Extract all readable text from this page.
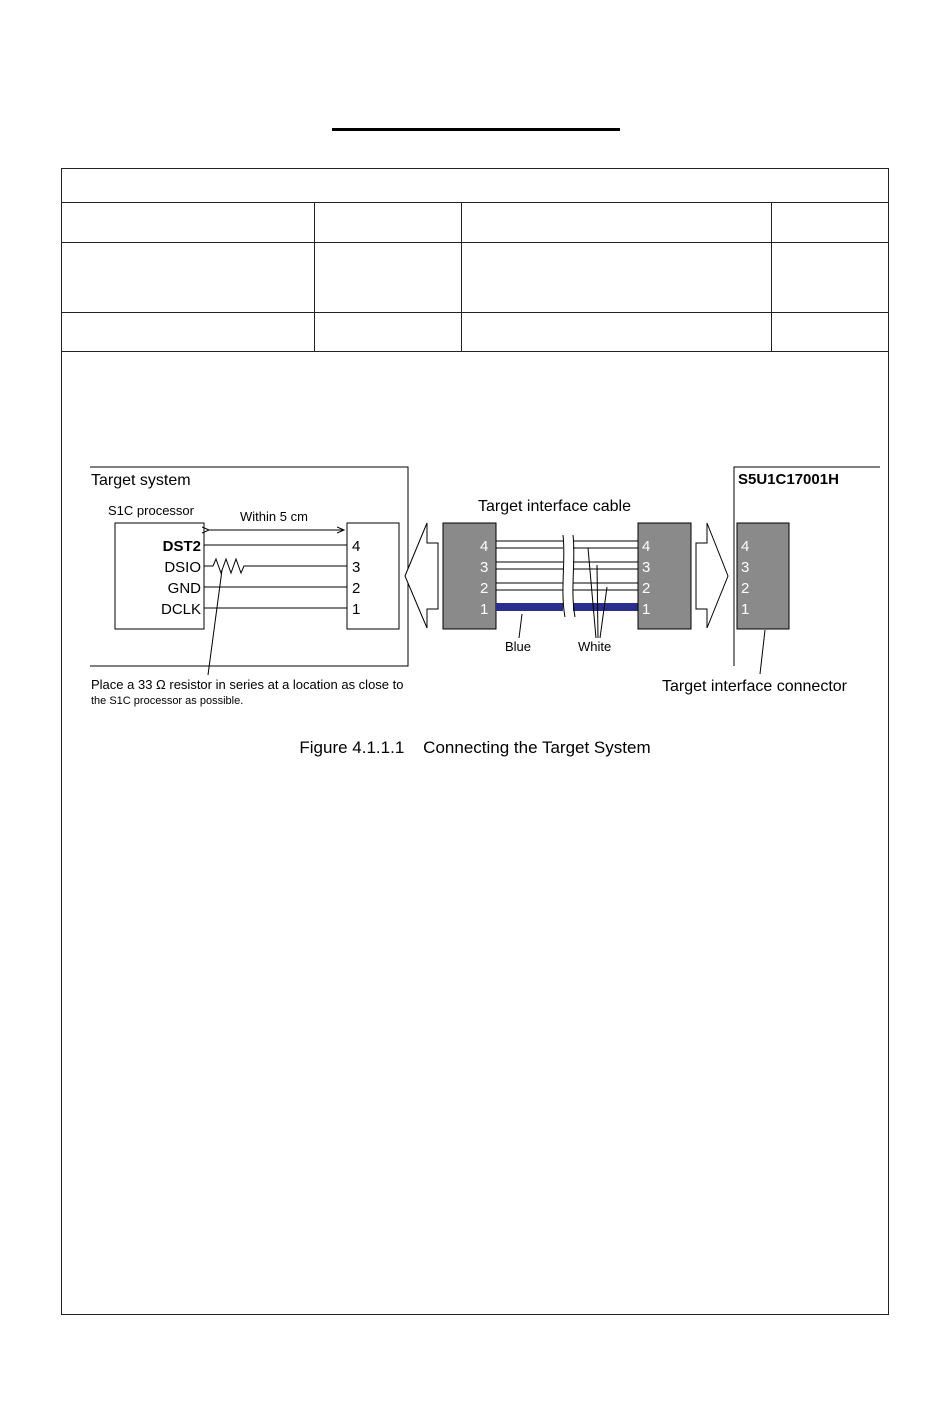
Target system
S1C processor
DST2
DSIO
GND
DCLK
Within 5 cm
4
3
2
1
Place a 33 Ω resistor in series at a location as close to
the S1C processor as possible.
Target interface cable
4
3
2
1
Blue	White
4
3
2
1
S5U1C17001H
4
3
2
1
Target interface connector
Figure 4.1.1.1    Connecting the Target System
